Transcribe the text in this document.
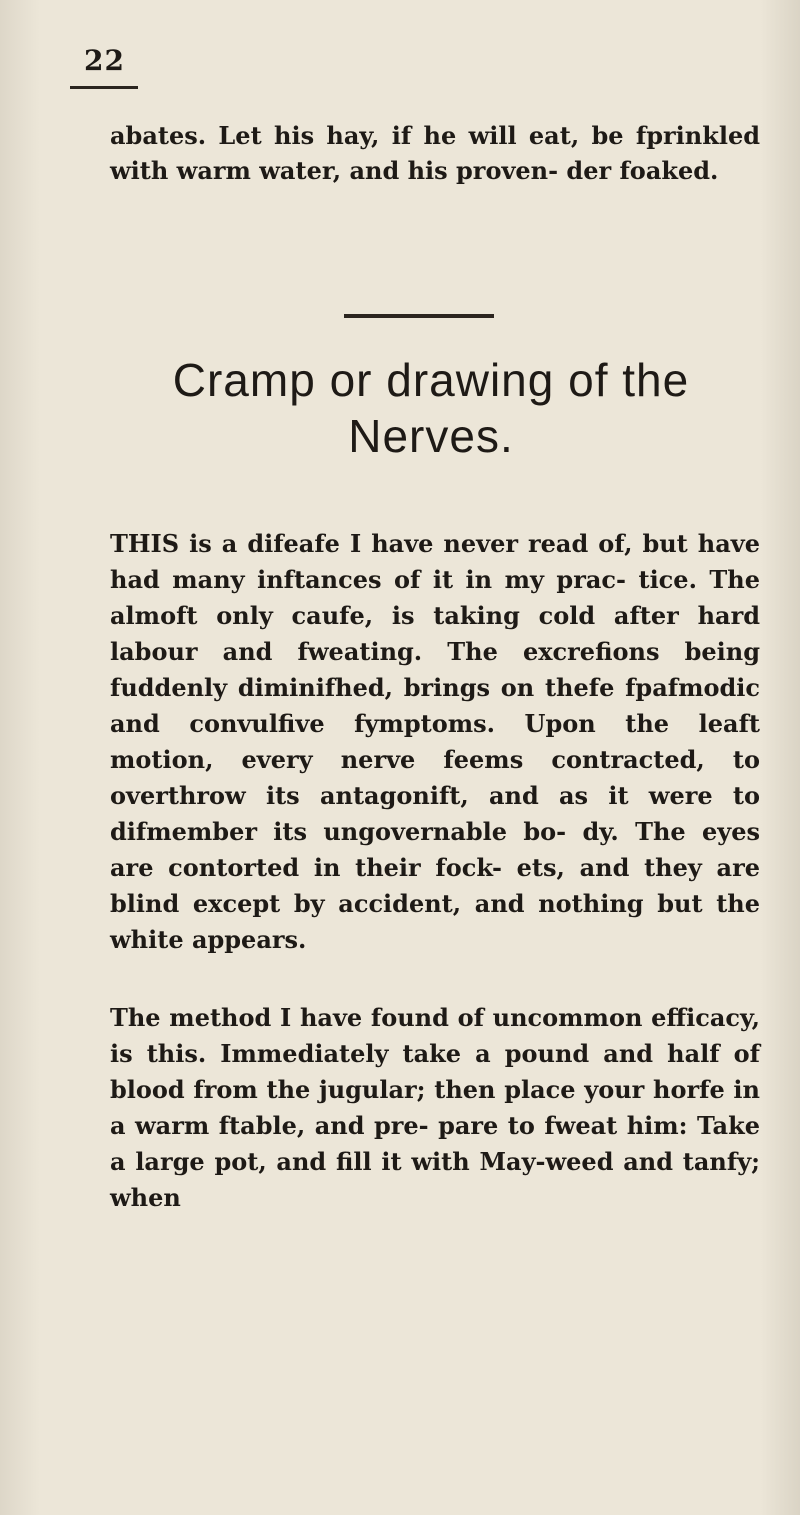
22

abates. Let his hay, if he will eat, be fprinkled with warm water, and his proven- der foaked.

Cramp or drawing of the Nerves.

THIS is a difeafe I have never read of, but have had many inftances of it in my prac- tice. The almoft only caufe, is taking cold after hard labour and fweating. The excrefions being fuddenly diminifhed, brings on thefe fpafmodic and convulfive fymptoms. Upon the leaft motion, every nerve feems contracted, to overthrow its antagonift, and as it were to difmember its ungovernable bo- dy. The eyes are contorted in their fock- ets, and they are blind except by accident, and nothing but the white appears.

The method I have found of uncommon efficacy, is this. Immediately take a pound and half of blood from the jugular; then place your horfe in a warm ftable, and pre- pare to fweat him: Take a large pot, and fill it with May-weed and tanfy; when
